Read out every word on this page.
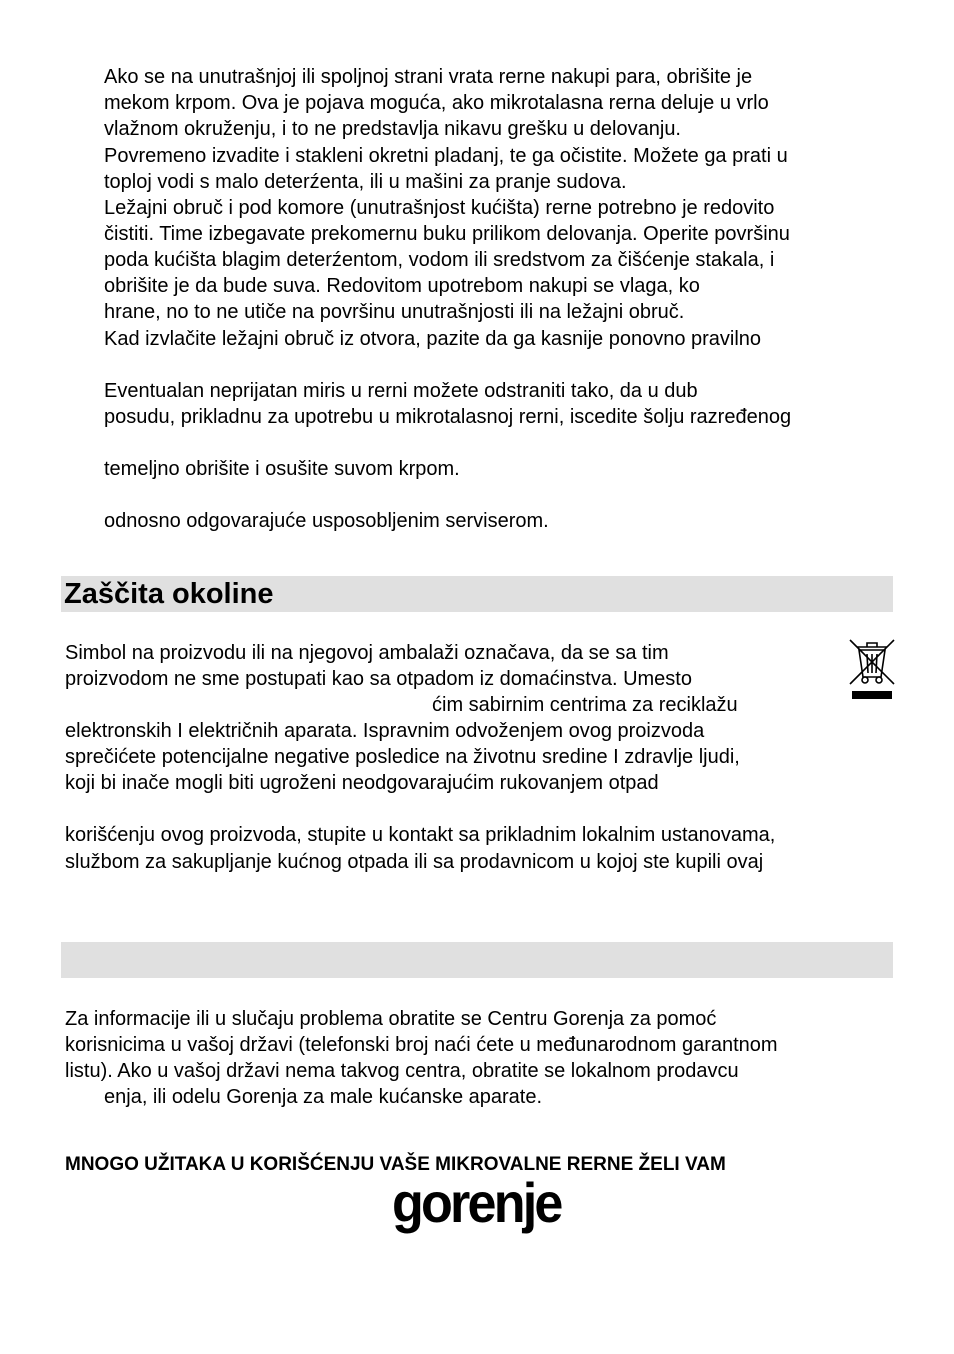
Ako se na unutrašnjoj ili spoljnoj strani vrata rerne nakupi para, obrišite je
mekom krpom. Ova je pojava moguća, ako mikrotalasna rerna deluje u vrlo
vlažnom okruženju, i to ne predstavlja nikavu grešku u delovanju.
Povremeno izvadite i stakleni okretni pladanj, te ga očistite. Možete ga prati u
toploj vodi s malo deterźenta, ili u mašini za pranje sudova.
Ležajni obruč i pod komore (unutrašnjost kućišta) rerne potrebno je redovito
čistiti. Time izbegavate prekomernu buku prilikom delovanja. Operite površinu
poda kućišta blagim deterźentom, vodom ili sredstvom za čišćenje stakala, i
obrišite je da bude suva. Redovitom upotrebom nakupi se vlaga, ko
hrane, no to ne utiče na površinu unutrašnjosti ili na ležajni obruč.
Kad izvlačite ležajni obruč iz otvora, pazite da ga kasnije ponovno pravilno
Eventualan neprijatan miris u rerni možete odstraniti tako, da u dub
posudu, prikladnu za upotrebu u mikrotalasnoj rerni, iscedite šolju razređenog
temeljno obrišite i osušite suvom krpom.
odnosno odgovarajuće usposobljenim serviserom.
Zaščita okoline
Simbol na proizvodu ili na njegovoj ambalaži označava, da se sa tim
proizvodom ne sme postupati kao sa otpadom iz domaćinstva. Umesto
ćim sabirnim centrima za reciklažu
elektronskih I električnih aparata. Ispravnim odvoženjem ovog proizvoda
sprečićete potencijalne negative posledice na životnu sredine I zdravlje ljudi,
koji bi inače mogli biti ugroženi neodgovarajućim rukovanjem otpad
korišćenju ovog proizvoda, stupite u kontakt sa prikladnim lokalnim ustanovama,
službom za sakupljanje kućnog otpada ili sa prodavnicom u kojoj ste kupili ovaj
Za informacije ili u slučaju problema obratite se Centru Gorenja za pomoć
korisnicima u vašoj državi (telefonski broj naći ćete u međunarodnom garantnom
listu). Ako u vašoj državi nema takvog centra, obratite se lokalnom prodavcu
enja, ili odelu Gorenja za male kućanske aparate.
MNOGO UŽITAKA U KORIŠĆENJU VAŠE MIKROVALNE RERNE ŽELI VAM
gorenje
